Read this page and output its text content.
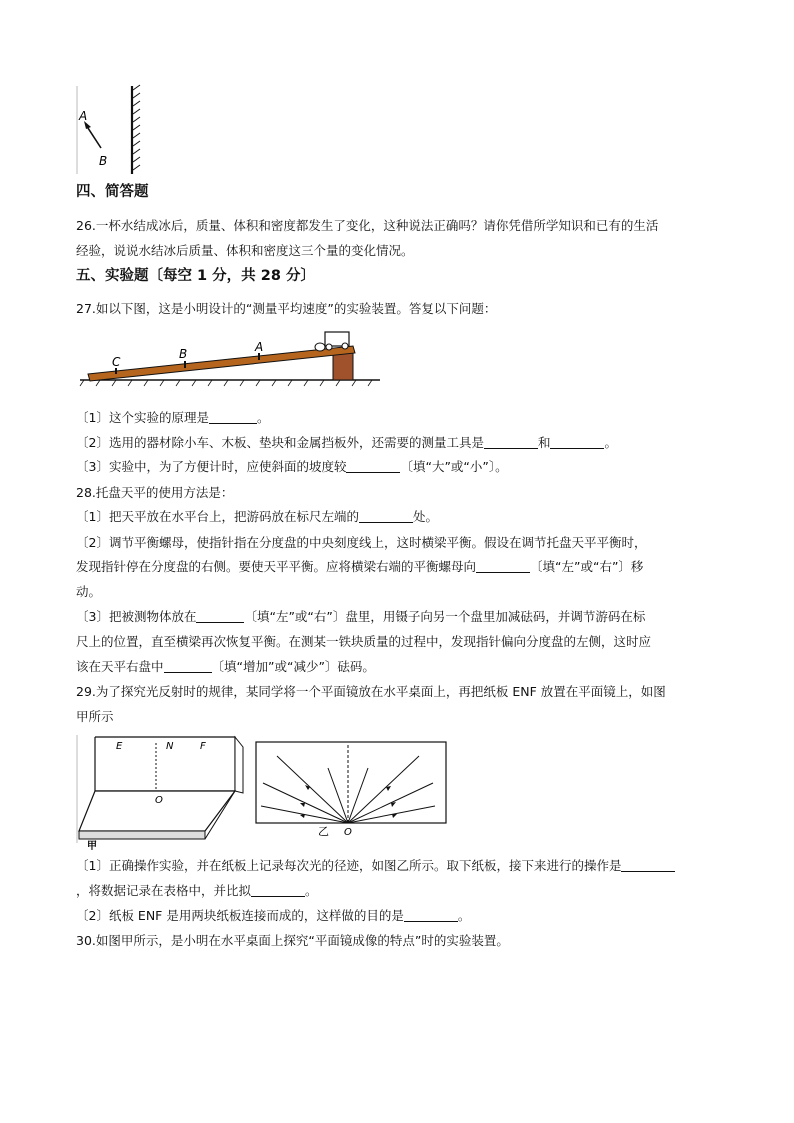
A
B
四、简答题
26.一杯水结成冰后，质量、体积和密度都发生了变化，这种说法正确吗？请你凭借所学知识和已有的生活
经验，说说水结冰后质量、体积和密度这三个量的变化情况。
五、实验题〔每空 1 分，共 28 分〕
27.如以下图，这是小明设计的“测量平均速度”的实验装置。答复以下问题：
C
B	A
〔1〕这个实验的原理是	。
〔2〕选用的器材除小车、木板、垫块和金属挡板外，还需要的测量工具是	和	。
〔3〕实验中，为了方便计时，应使斜面的坡度较	〔填“大”或“小”〕。
28.托盘天平的使用方法是：
〔1〕把天平放在水平台上，把游码放在标尺左端的	处。
〔2〕调节平衡螺母，使指针指在分度盘的中央刻度线上，这时横梁平衡。假设在调节托盘天平平衡时，
发现指针停在分度盘的右侧。要使天平平衡。应将横梁右端的平衡螺母向	〔填“左”或“右”〕移
动。
〔3〕把被测物体放在	〔填“左”或“右”〕盘里，用镊子向另一个盘里加减砝码，并调节游码在标
尺上的位置，直至横梁再次恢复平衡。在测某一铁块质量的过程中，发现指针偏向分度盘的左侧，这时应
该在天平右盘中	〔填“增加”或“减少”〕砝码。
29.为了探究光反射时的规律，某同学将一个平面镜放在水平桌面上，再把纸板 ENF 放置在平面镜上，如图
甲所示
E	N	F
O
甲
乙 O
〔1〕正确操作实验，并在纸板上记录每次光的径迹，如图乙所示。取下纸板，接下来进行的操作是
，将数据记录在表格中，并比拟	。
〔2〕纸板 ENF 是用两块纸板连接而成的，这样做的目的是	。
30.如图甲所示，是小明在水平桌面上探究“平面镜成像的特点”时的实验装置。
